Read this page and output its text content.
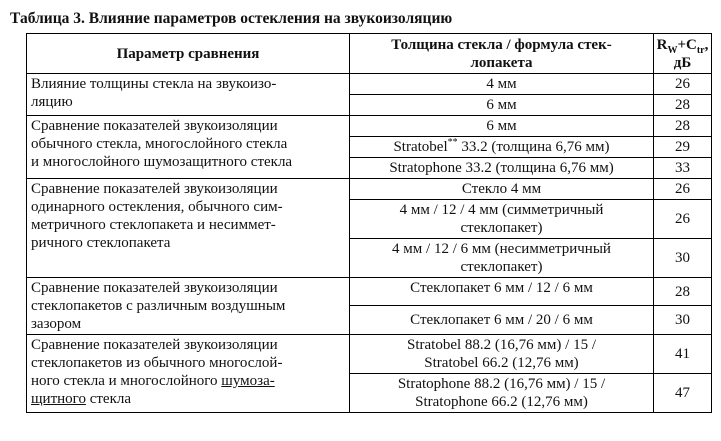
Таблица 3. Влияние параметров остекления на звукоизоляцию
Параметр сравнения	Толщина стекла / формула стек-
лопакета	$R_W+C_{tr}$,
дБ

Влияние толщины стекла на звукоизо-
ляцию	4 мм	26
	6 мм	28

Сравнение показателей звукоизоляции
обычного стекла, многослойного стекла
и многослойного шумозащитного стекла	6 мм	28
	Stratobel** 33.2 (толщина 6,76 мм)	29
	Stratophone 33.2 (толщина 6,76 мм)	33

Сравнение показателей звукоизоляции
одинарного остекления, обычного сим-
метричного стеклопакета и несиммет-
ричного стеклопакета	Стекло 4 мм	26

	4 мм / 12 / 4 мм (симметричный
стеклопакет)	26

	4 мм / 12 / 6 мм (несимметричный
стеклопакет)	30

Сравнение показателей звукоизоляции
стеклопакетов с различным воздушным
зазором	Стеклопакет 6 мм / 12 / 6 мм	28
	Стеклопакет 6 мм / 20 / 6 мм	30

Сравнение показателей звукоизоляции
стеклопакетов из обычного многослой-
ного стекла и многослойного шумоза-
щитного стекла	Stratobel 88.2 (16,76 мм) / 15 /
Stratobel 66.2 (12,76 мм)	41

	Stratophone 88.2 (16,76 мм) / 15 /
Stratophone 66.2 (12,76 мм)	47
